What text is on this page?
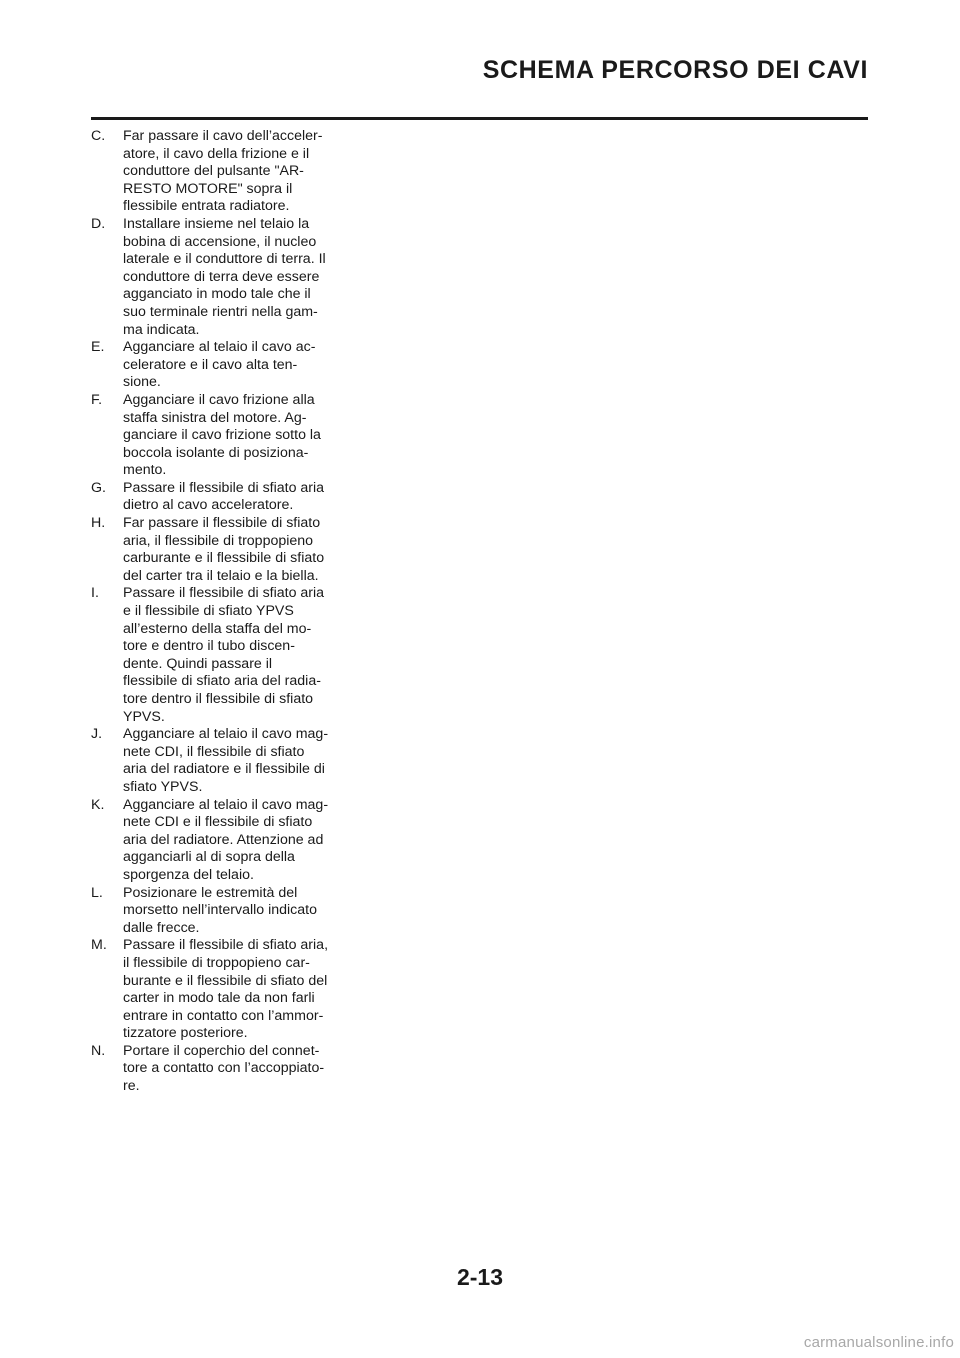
SCHEMA PERCORSO DEI CAVI
C. Far passare il cavo dell’acceler-
atore, il cavo della frizione e il
conduttore del pulsante "AR-
RESTO MOTORE" sopra il
flessibile entrata radiatore.
D. Installare insieme nel telaio la
bobina di accensione, il nucleo
laterale e il conduttore di terra. Il
conduttore di terra deve essere
agganciato in modo tale che il
suo terminale rientri nella gam-
ma indicata.
E. Agganciare al telaio il cavo ac-
celeratore e il cavo alta ten-
sione.
F. Agganciare il cavo frizione alla
staffa sinistra del motore. Ag-
ganciare il cavo frizione sotto la
boccola isolante di posiziona-
mento.
G. Passare il flessibile di sfiato aria
dietro al cavo acceleratore.
H. Far passare il flessibile di sfiato
aria, il flessibile di troppopieno
carburante e il flessibile di sfiato
del carter tra il telaio e la biella.
I. Passare il flessibile di sfiato aria
e il flessibile di sfiato YPVS
all’esterno della staffa del mo-
tore e dentro il tubo discen-
dente. Quindi passare il
flessibile di sfiato aria del radia-
tore dentro il flessibile di sfiato
YPVS.
J. Agganciare al telaio il cavo mag-
nete CDI, il flessibile di sfiato
aria del radiatore e il flessibile di
sfiato YPVS.
K. Agganciare al telaio il cavo mag-
nete CDI e il flessibile di sfiato
aria del radiatore. Attenzione ad
agganciarli al di sopra della
sporgenza del telaio.
L. Posizionare le estremità del
morsetto nell’intervallo indicato
dalle frecce.
M. Passare il flessibile di sfiato aria,
il flessibile di troppopieno car-
burante e il flessibile di sfiato del
carter in modo tale da non farli
entrare in contatto con l’ammor-
tizzatore posteriore.
N. Portare il coperchio del connet-
tore a contatto con l’accoppiato-
re.
2-13
carmanualsonline.info
